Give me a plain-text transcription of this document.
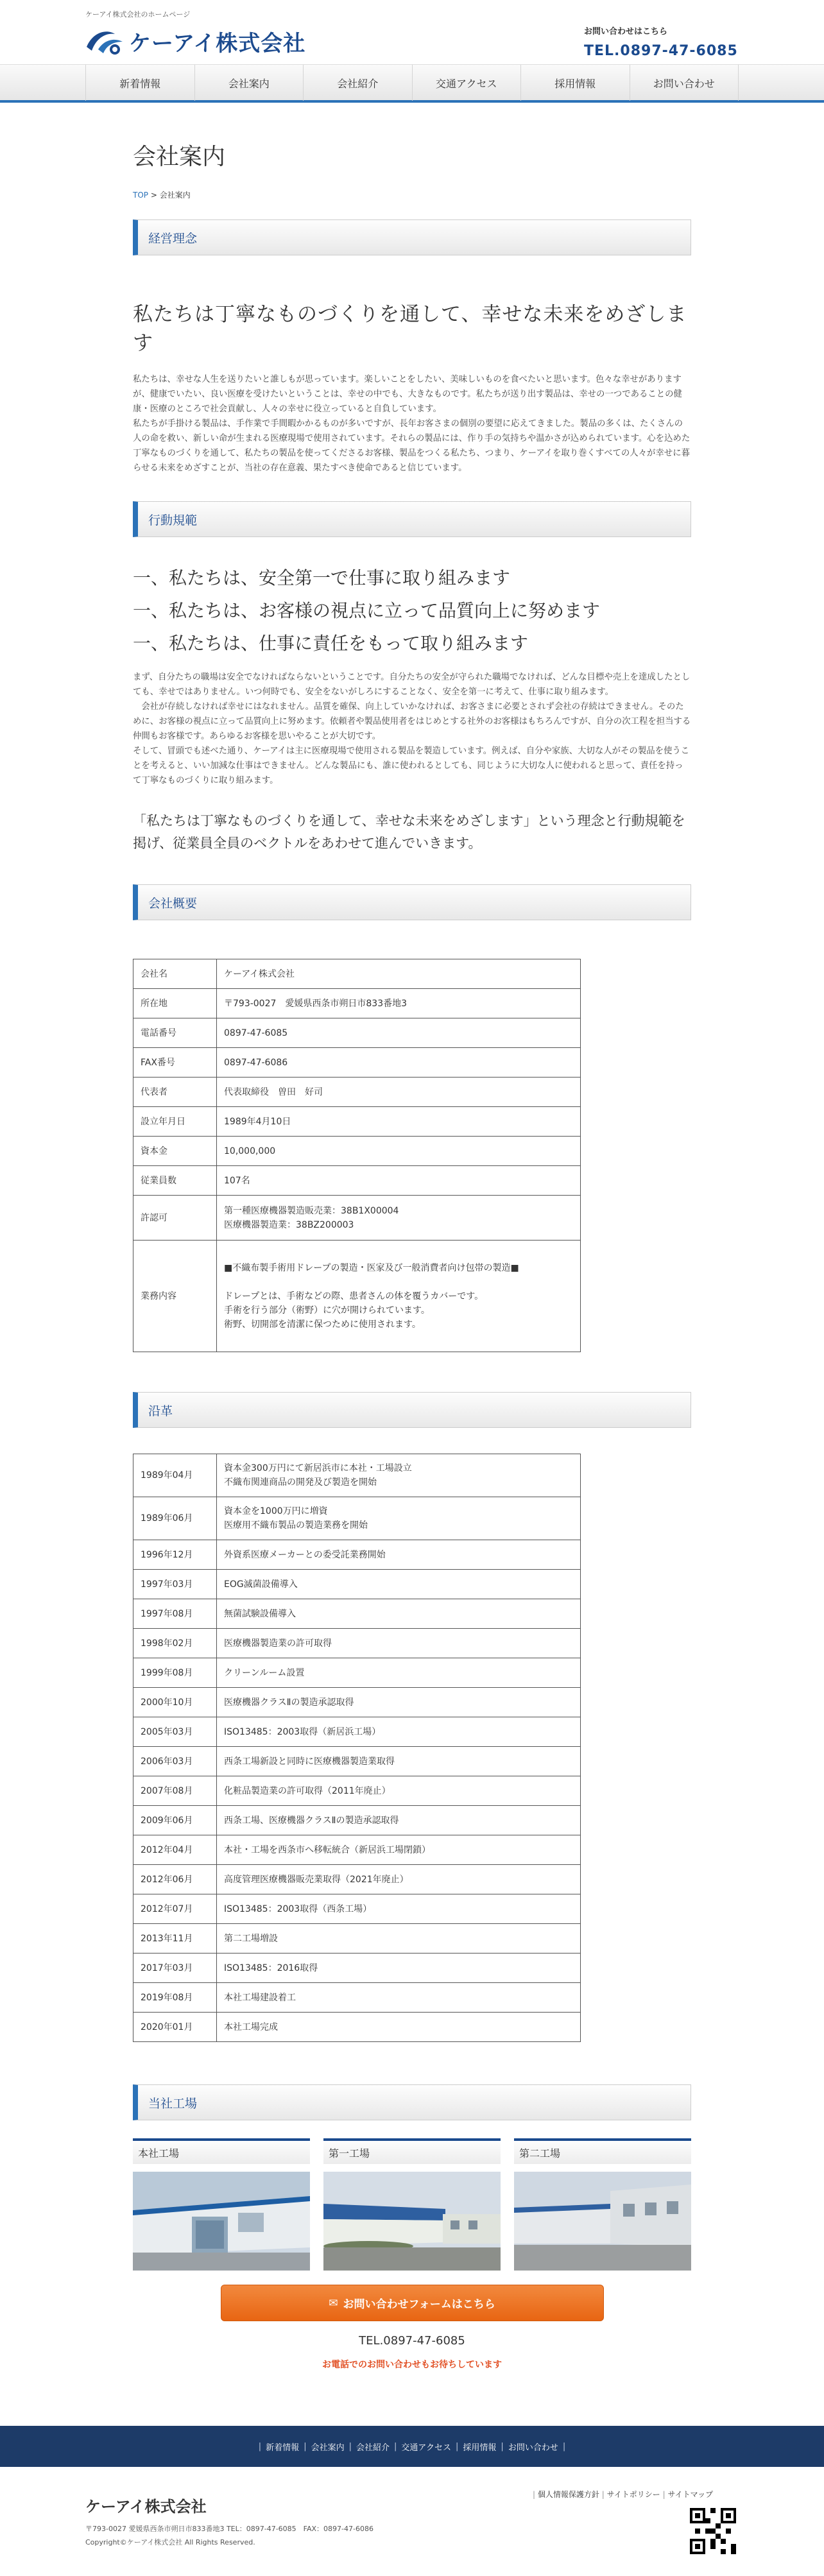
ケーアイ株式会社のホームページ
ケーアイ株式会社	お問い合わせはこちら
TEL.0897-47-6085
新着情報	会社案内	会社紹介	交通アクセス	採用情報	お問い合わせ
会社案内
TOP > 会社案内
経営理念
私たちは丁寧なものづくりを通して、幸せな未来をめざします
私たちは、幸せな人生を送りたいと誰しもが思っています。楽しいことをしたい、美味しいものを食べたいと思います。色々な幸せがありますが、健康でいたい、良い医療を受けたいということは、幸せの中でも、大きなものです。私たちが送り出す製品は、幸せの一つであることの健康・医療のところで社会貢献し、人々の幸せに役立っていると自負しています。
私たちが手掛ける製品は、手作業で手間暇かかるものが多いですが、長年お客さまの個別の要望に応えてきました。製品の多くは、たくさんの人の命を救い、新しい命が生まれる医療現場で使用されています。それらの製品には、作り手の気持ちや温かさが込められています。心を込めた丁寧なものづくりを通して、私たちの製品を使ってくださるお客様、製品をつくる私たち、つまり、ケーアイを取り巻くすべての人々が幸せに暮らせる未来をめざすことが、当社の存在意義、果たすべき使命であると信じています。
行動規範
一、私たちは、安全第一で仕事に取り組みます
一、私たちは、お客様の視点に立って品質向上に努めます
一、私たちは、仕事に責任をもって取り組みます
まず、自分たちの職場は安全でなければならないということです。自分たちの安全が守られた職場でなければ、どんな目標や売上を達成したとしても、幸せではありません。いつ何時でも、安全をないがしろにすることなく、安全を第一に考えて、仕事に取り組みます。
　会社が存続しなければ幸せにはなれません。品質を確保、向上していかなければ、お客さまに必要とされず会社の存続はできません。そのために、お客様の視点に立って品質向上に努めます。依頼者や製品使用者をはじめとする社外のお客様はもちろんですが、自分の次工程を担当する仲間もお客様です。あらゆるお客様を思いやることが大切です。
そして、冒頭でも述べた通り、ケーアイは主に医療現場で使用される製品を製造しています。例えば、自分や家族、大切な人がその製品を使うことを考えると、いい加減な仕事はできません。どんな製品にも、誰に使われるとしても、同じように大切な人に使われると思って、責任を持って丁寧なものづくりに取り組みます。
「私たちは丁寧なものづくりを通して、幸せな未来をめざします」という理念と行動規範を掲げ、従業員全員のベクトルをあわせて進んでいきます。
会社概要
会社名	ケーアイ株式会社
所在地	〒793-0027　愛媛県西条市朔日市833番地3
電話番号	0897-47-6085
FAX番号	0897-47-6086
代表者	代表取締役　曽田　好司
設立年月日	1989年4月10日
資本金	10,000,000
従業員数	107名
許認可	第一種医療機器製造販売業：38B1X00004
医療機器製造業：38BZ200003
業務内容	■不織布製手術用ドレープの製造・医家及び一般消費者向け包帯の製造■

ドレープとは、手術などの際、患者さんの体を覆うカバーです。
手術を行う部分（術野）に穴が開けられています。
術野、切開部を清潔に保つために使用されます。
沿革
1989年04月	資本金300万円にて新居浜市に本社・工場設立
不織布関連商品の開発及び製造を開始
1989年06月	資本金を1000万円に増資
医療用不織布製品の製造業務を開始
1996年12月	外資系医療メーカーとの委受託業務開始
1997年03月	EOG滅菌設備導入
1997年08月	無菌試験設備導入
1998年02月	医療機器製造業の許可取得
1999年08月	クリーンルーム設置
2000年10月	医療機器クラスⅡの製造承認取得
2005年03月	ISO13485：2003取得（新居浜工場）
2006年03月	西条工場新設と同時に医療機器製造業取得
2007年08月	化粧品製造業の許可取得（2011年廃止）
2009年06月	西条工場、医療機器クラスⅡの製造承認取得
2012年04月	本社・工場を西条市へ移転統合（新居浜工場閉鎖）
2012年06月	高度管理医療機器販売業取得（2021年廃止）
2012年07月	ISO13485：2003取得（西条工場）
2013年11月	第二工場増設
2017年03月	ISO13485：2016取得
2019年08月	本社工場建設着工
2020年01月	本社工場完成
当社工場
本社工場	第一工場	第二工場
✉ お問い合わせフォームはこちら
TEL.0897-47-6085
お電話でのお問い合わせもお待ちしています
| 新着情報 | 会社案内 | 会社紹介 | 交通アクセス | 採用情報 | お問い合わせ |
ケーアイ株式会社
〒793-0027 愛媛県西条市朔日市833番地3 TEL：0897-47-6085　FAX：0897-47-6086
Copyright©ケーアイ株式会社 All Rights Reserved.
| 個人情報保護方針 | サイトポリシー | サイトマップ
